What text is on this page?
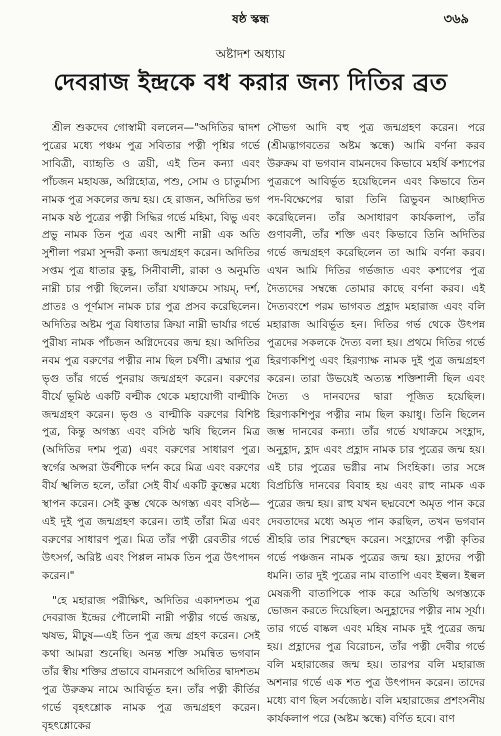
ষষ্ঠ স্কন্ধ	৩৬৯
অষ্টাদশ অধ্যায়
দেবরাজ ইন্দ্রকে বধ করার জন্য দিতির ব্রত

শ্রীল শুকদেব গোস্বামী বললেন—"অদিতির দ্বাদশ পুত্রের মধ্যে পঞ্চম পুত্র সবিতার পত্নী পৃশ্নির গর্ভে সাবিত্রী, ব্যাহৃতি ও ত্রয়ী, এই তিন কন্যা এবং পাঁচজন মহাযজ্ঞ, অগ্নিহোত্র, পশু, সোম ও চাতুর্মাস্য নামক পুত্র সকলের জন্ম হয়। হে রাজন, অদিতির ভগ নামক ষষ্ঠ পুত্রের পত্নী সিদ্ধির গর্ভে মহিমা, বিভু এবং প্রভু নামক তিন পুত্র এবং আশী নাম্নী এক অতি সুশীলা পরমা সুন্দরী কন্যা জন্মগ্রহণ করেন। অদিতির সপ্তম পুত্র ধাতার কুহূ, সিনীবালী, রাকা ও অনুমতি নাম্নী চার পত্নী ছিলেন। তাঁরা যথাক্রমে সায়ম্‌, দর্শ, প্রাতঃ ও পূর্ণমাস নামক চার পুত্র প্রসব করেছিলেন। অদিতির অষ্টম পুত্র বিধাতার ক্রিয়া নাম্নী ভার্যার গর্ভে পুরীষ্য নামক পাঁচজন অগ্নিদেবের জন্ম হয়। অদিতির নবম পুত্র বরুণের পত্নীর নাম ছিল চর্ষণী। ব্রহ্মার পুত্র ভৃগু তাঁর গর্ভে পুনরায় জন্মগ্রহণ করেন। বরুণের বীর্যে ভূমিষ্ঠ একটি বল্মীক থেকে মহাযোগী বাল্মীকি জন্মগ্রহণ করেন। ভৃগু ও বাল্মীকি বরুণের বিশিষ্ট পুত্র, কিন্তু অগস্ত্য এবং বসিষ্ঠ ঋষি ছিলেন মিত্র (অদিতির দশম পুত্র) এবং বরুণের সাধারণ পুত্র। স্বর্গের অপ্সরা উর্বশীকে দর্শন করে মিত্র এবং বরুণের বীর্য স্খলিত হলে, তাঁরা সেই বীর্য একটি কুম্ভের মধ্যে স্থাপন করেন। সেই কুম্ভ থেকে অগস্ত্য এবং বসিষ্ঠ—এই দুই পুত্র জন্মগ্রহণ করেন। তাই তাঁরা মিত্র এবং বরুণের সাধারণ পুত্র। মিত্র তাঁর পত্নী রেবতীর গর্ভে উৎসর্গ, অরিষ্ট এবং পিপ্পল নামক তিন পুত্র উৎপাদন করেন।"

"হে মহারাজ পরীক্ষিৎ, অদিতির একাদশতম পুত্র দেবরাজ ইন্দ্রের পৌলোমী নাম্নী পত্নীর গর্ভে জয়ন্ত, ঋষভ, মীঢ়ুষ—এই তিন পুত্র জন্ম গ্রহণ করেন। সেই কথা আমরা শুনেছি। অনন্ত শক্তি সমন্বিত ভগবান তাঁর স্বীয় শক্তির প্রভাবে বামনরূপে অদিতির দ্বাদশতম পুত্র উরুক্রম নামে আবির্ভূত হন। তাঁর পত্নী কীর্তির গর্ভে বৃহৎশ্লোক নামক পুত্র জন্মগ্রহণ করেন। বৃহৎশ্লোকের

সৌভগ আদি বহু পুত্র জন্মগ্রহণ করেন। পরে (শ্রীমদ্ভাগবতের অষ্টম স্কন্ধে) আমি বর্ণনা করব উরুক্রম বা ভগবান বামনদেব কিভাবে মহর্ষি কশ্যপের পুত্ররূপে আবির্ভূত হয়েছিলেন এবং কিভাবে তিন পদ-বিক্ষেপের দ্বারা তিনি ত্রিভুবন আচ্ছাদিত করেছিলেন। তাঁর অসাধারণ কার্যকলাপ, তাঁর গুণাবলী, তাঁর শক্তি এবং কিভাবে তিনি অদিতির গর্ভে জন্মগ্রহণ করেছিলেন তা আমি বর্ণনা করব। এখন আমি দিতির গর্ভজাত এবং কশ্যপের পুত্র দৈত্যদের সম্বন্ধে তোমার কাছে বর্ণনা করব। এই দৈত্যবংশে পরম ভাগবত প্রহ্লাদ মহারাজ এবং বলি মহারাজ আবির্ভূত হন। দিতির গর্ভ থেকে উৎপন্ন পুত্রদের সকলকে দৈত্য বলা হয়। প্রথমে দিতির গর্ভে হিরণ্যকশিপু এবং হিরণ্যাক্ষ নামক দুই পুত্র জন্মগ্রহণ করেন। তারা উভয়েই অত্যন্ত শক্তিশালী ছিল এবং দৈত্য ও দানবদের দ্বারা পূজিত হয়েছিল। হিরণ্যকশিপুর পত্নীর নাম ছিল কয়াধু। তিনি ছিলেন জম্ভ দানবের কন্যা। তাঁর গর্ভে যথাক্রমে সংহ্লাদ, অনুহ্লাদ, হ্লাদ এবং প্রহ্লাদ নামক চার পুত্রের জন্ম হয়। এই চার পুত্রের ভগ্নীর নাম সিংহিকা। তার সঙ্গে বিপ্রচিত্তি দানবের বিবাহ হয় এবং রাহু নামক এক পুত্রের জন্ম হয়। রাহু যখন ছদ্মবেশে অমৃত পান করে দেবতাদের মধ্যে অমৃত পান করছিল, তখন ভগবান শ্রীহরি তার শিরশ্ছেদ করেন। সংহ্লাদের পত্নী কৃতির গর্ভে পঞ্চজন নামক পুত্রের জন্ম হয়। হ্লাদের পত্নী ধমনি। তার দুই পুত্রের নাম বাতাপি এবং ইল্বল। ইল্বল মেষরূপী বাতাপিকে পাক করে অতিথি অগস্ত্যকে ভোজন করতে দিয়েছিল। অনুহ্লাদের পত্নীর নাম সূর্যা। তার গর্ভে বাষ্কল এবং মহিষ নামক দুই পুত্রের জন্ম হয়। প্রহ্লাদের পুত্র বিরোচন, তাঁর পত্নী দেবীর গর্ভে বলি মহারাজের জন্ম হয়। তারপর বলি মহারাজ অশনার গর্ভে এক শত পুত্র উৎপাদন করেন। তাদের মধ্যে বাণ ছিল সর্বজ্যেষ্ঠ। বলি মহারাজের প্রশংসনীয় কার্যকলাপ পরে (অষ্টম স্কন্ধে) বর্ণিত হবে। বাণ
